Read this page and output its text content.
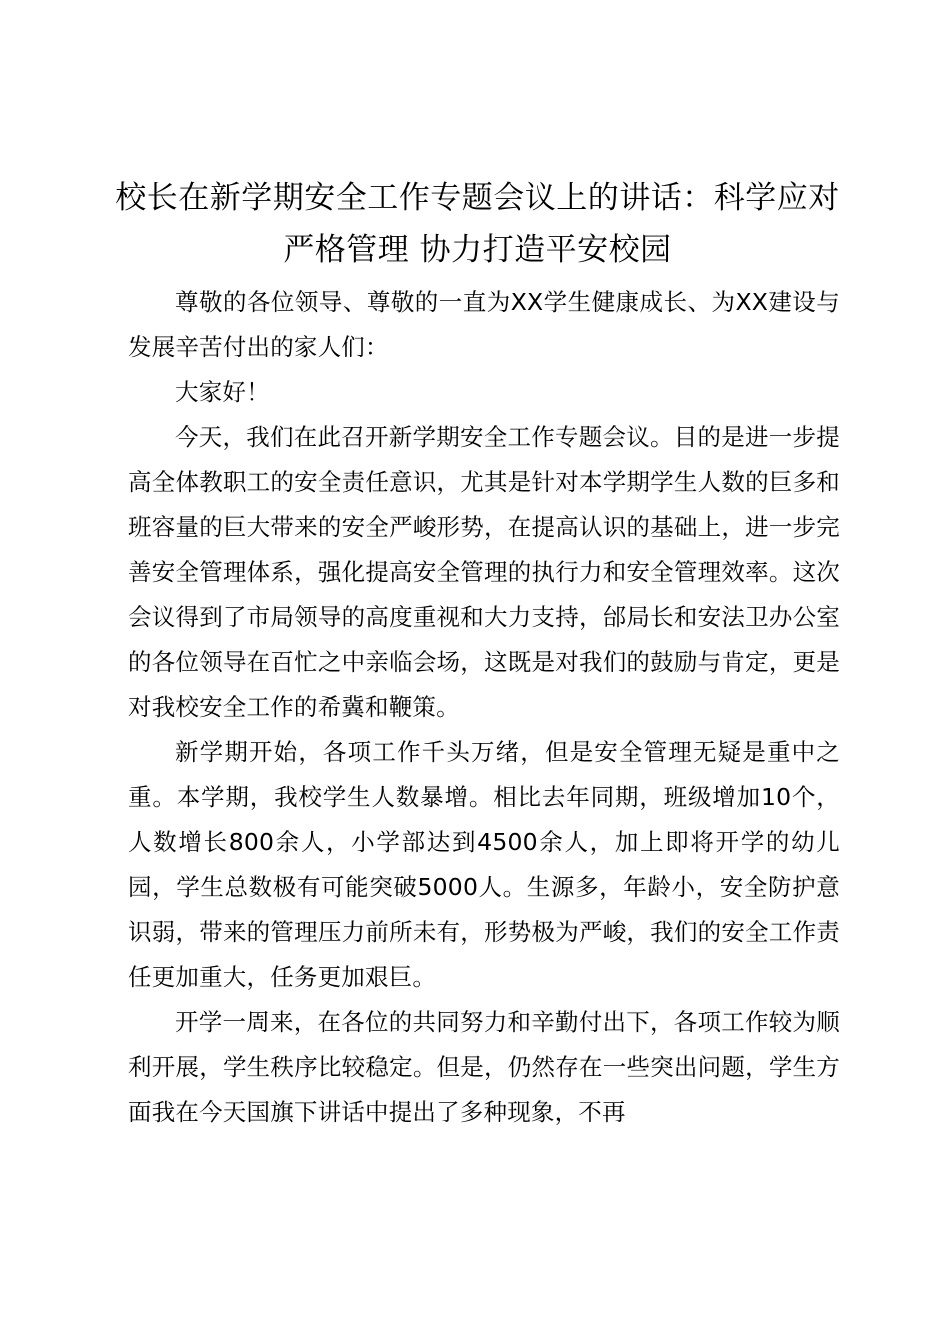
校长在新学期安全工作专题会议上的讲话：科学应对 严格管理 协力打造平安校园

尊敬的各位领导、尊敬的一直为XX学生健康成长、为XX建设与发展辛苦付出的家人们：

大家好！

今天，我们在此召开新学期安全工作专题会议。目的是进一步提高全体教职工的安全责任意识，尤其是针对本学期学生人数的巨多和班容量的巨大带来的安全严峻形势，在提高认识的基础上，进一步完善安全管理体系，强化提高安全管理的执行力和安全管理效率。这次会议得到了市局领导的高度重视和大力支持，邰局长和安法卫办公室的各位领导在百忙之中亲临会场，这既是对我们的鼓励与肯定，更是对我校安全工作的希冀和鞭策。

新学期开始，各项工作千头万绪，但是安全管理无疑是重中之重。本学期，我校学生人数暴增。相比去年同期，班级增加10个，人数增长800余人，小学部达到4500余人，加上即将开学的幼儿园，学生总数极有可能突破5000人。生源多，年龄小，安全防护意识弱，带来的管理压力前所未有，形势极为严峻，我们的安全工作责任更加重大，任务更加艰巨。

开学一周来，在各位的共同努力和辛勤付出下，各项工作较为顺利开展，学生秩序比较稳定。但是，仍然存在一些突出问题，学生方面我在今天国旗下讲话中提出了多种现象，不再
